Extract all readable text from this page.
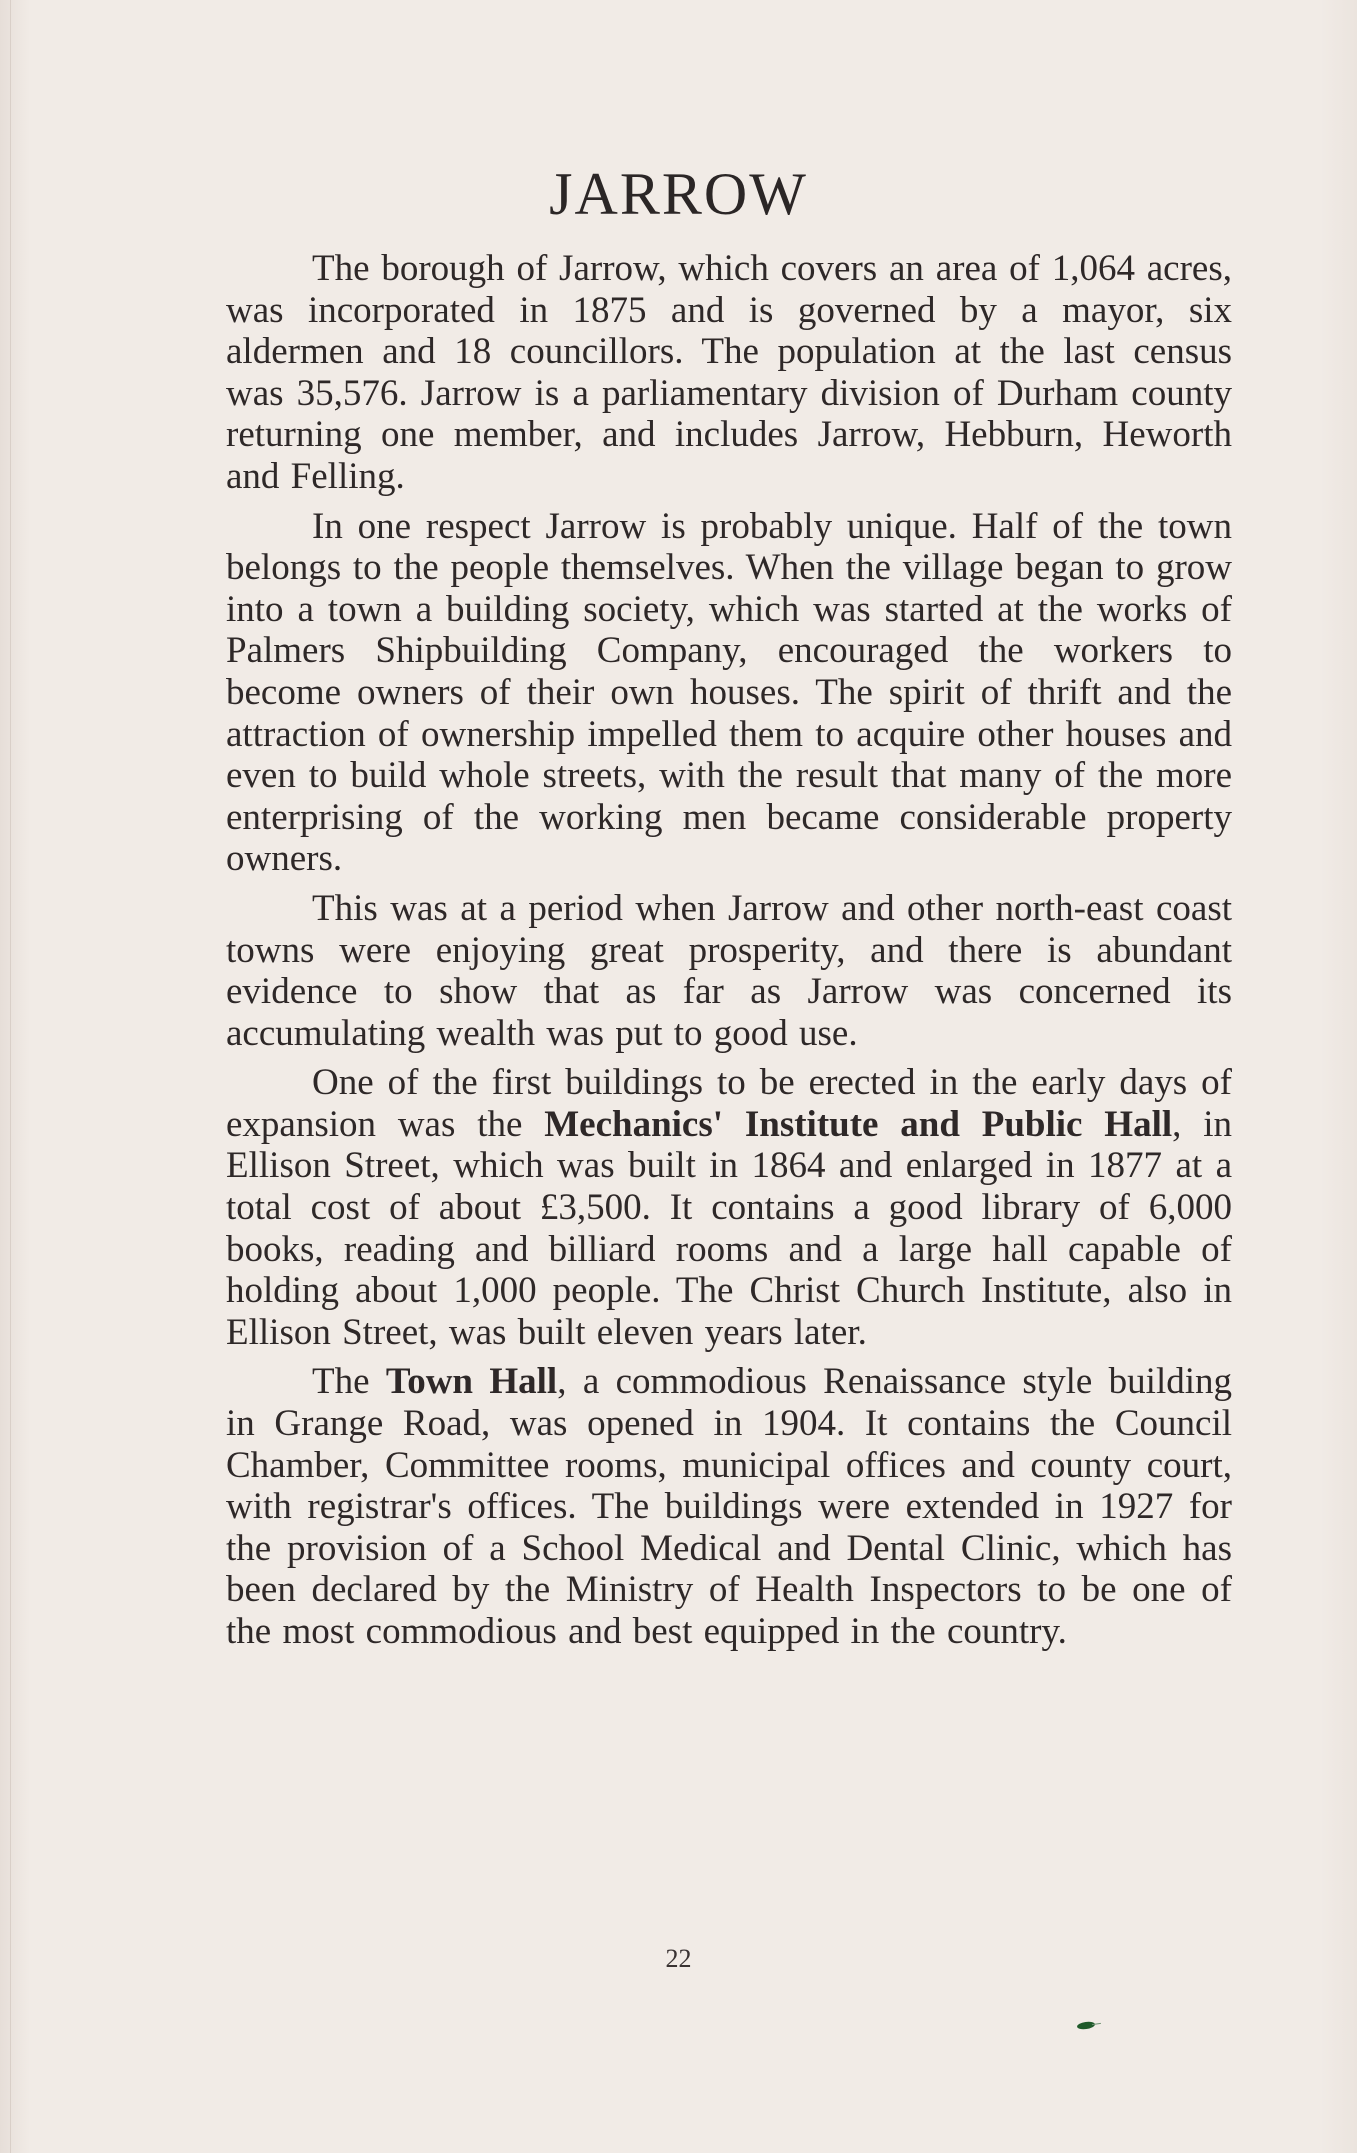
JARROW

The borough of Jarrow, which covers an area of 1,064 acres, was incorporated in 1875 and is governed by a mayor, six aldermen and 18 councillors. The population at the last census was 35,576. Jarrow is a parliamentary division of Durham county returning one member, and includes Jarrow, Hebburn, Heworth and Felling.

In one respect Jarrow is probably unique. Half of the town belongs to the people themselves. When the village began to grow into a town a building society, which was started at the works of Palmers Shipbuilding Company, encouraged the workers to become owners of their own houses. The spirit of thrift and the attraction of ownership impelled them to acquire other houses and even to build whole streets, with the result that many of the more enterprising of the working men became considerable property owners.

This was at a period when Jarrow and other north-east coast towns were enjoying great prosperity, and there is abundant evidence to show that as far as Jarrow was concerned its accumulating wealth was put to good use.

One of the first buildings to be erected in the early days of expansion was the Mechanics' Institute and Public Hall, in Ellison Street, which was built in 1864 and enlarged in 1877 at a total cost of about £3,500. It contains a good library of 6,000 books, reading and billiard rooms and a large hall capable of holding about 1,000 people. The Christ Church Institute, also in Ellison Street, was built eleven years later.

The Town Hall, a commodious Renaissance style building in Grange Road, was opened in 1904. It contains the Council Chamber, Committee rooms, municipal offices and county court, with registrar's offices. The buildings were extended in 1927 for the provision of a School Medical and Dental Clinic, which has been declared by the Ministry of Health Inspectors to be one of the most commodious and best equipped in the country.

22
